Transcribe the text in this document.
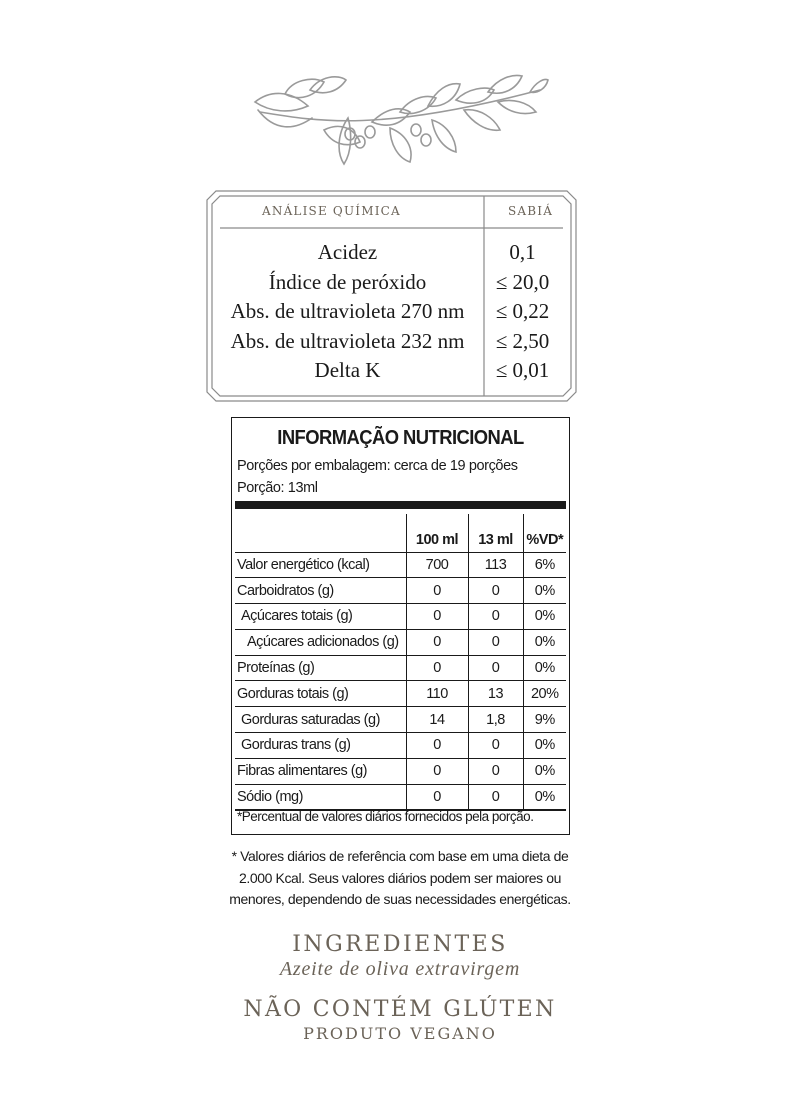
ANÁLISE QUÍMICA	SABIÁ
Acidez	0,1
Índice de peróxido	≤ 20,0
Abs. de ultravioleta 270 nm	≤ 0,22
Abs. de ultravioleta 232 nm	≤ 2,50
Delta K	≤ 0,01
INFORMAÇÃO NUTRICIONAL
Porções por embalagem: cerca de 19 porções
Porção: 13ml
	100 ml	13 ml	%VD*
Valor energético (kcal)	700	113	6%
Carboidratos (g)	0	0	0%
Açúcares totais (g)	0	0	0%
Açúcares adicionados (g)	0	0	0%
Proteínas (g)	0	0	0%
Gorduras totais (g)	110	13	20%
Gorduras saturadas (g)	14	1,8	9%
Gorduras trans (g)	0	0	0%
Fibras alimentares (g)	0	0	0%
Sódio (mg)	0	0	0%
*Percentual de valores diários fornecidos pela porção.
* Valores diários de referência com base em uma dieta de
2.000 Kcal. Seus valores diários podem ser maiores ou
menores, dependendo de suas necessidades energéticas.
INGREDIENTES
Azeite de oliva extravirgem
NÃO CONTÉM GLÚTEN
PRODUTO VEGANO
